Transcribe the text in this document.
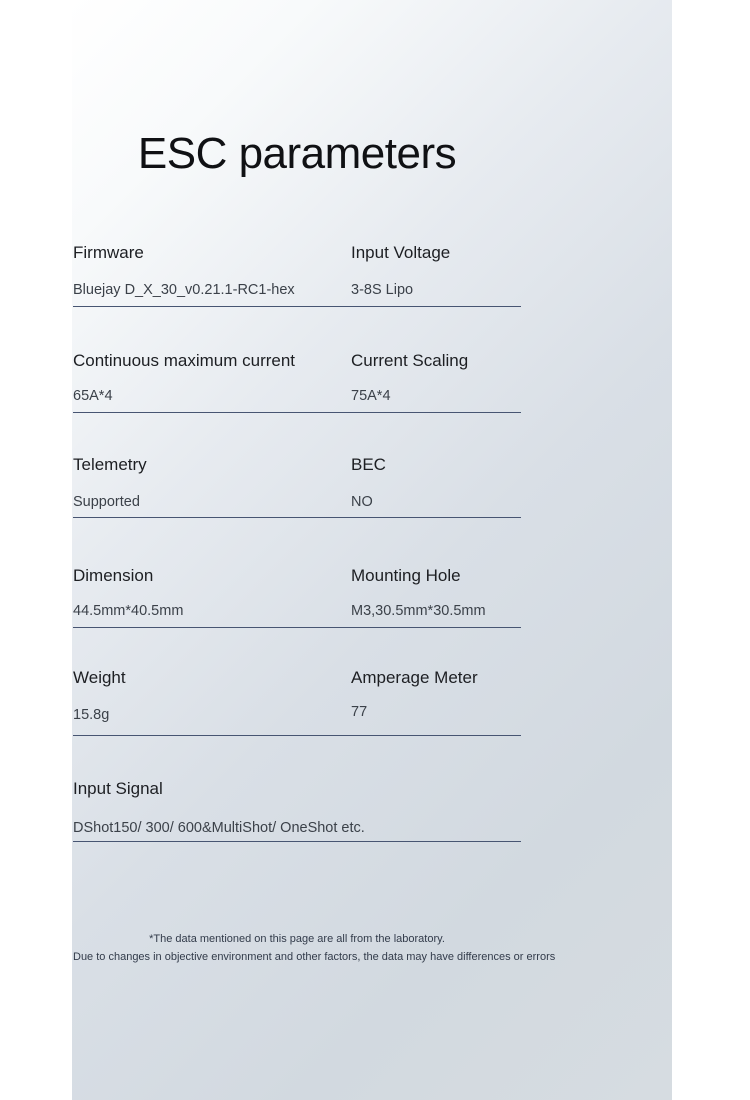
ESC parameters
Firmware
Bluejay D_X_30_v0.21.1-RC1-hex
Input Voltage
3-8S Lipo
Continuous maximum current
65A*4
Current Scaling
75A*4
Telemetry
Supported
BEC
NO
Dimension
44.5mm*40.5mm
Mounting Hole
M3,30.5mm*30.5mm
Weight
15.8g
Amperage Meter
77
Input Signal
DShot150/ 300/ 600&MultiShot/ OneShot etc.
*The data mentioned on this page are all from the laboratory.
Due to changes in objective environment and other factors, the data may have differences or errors
